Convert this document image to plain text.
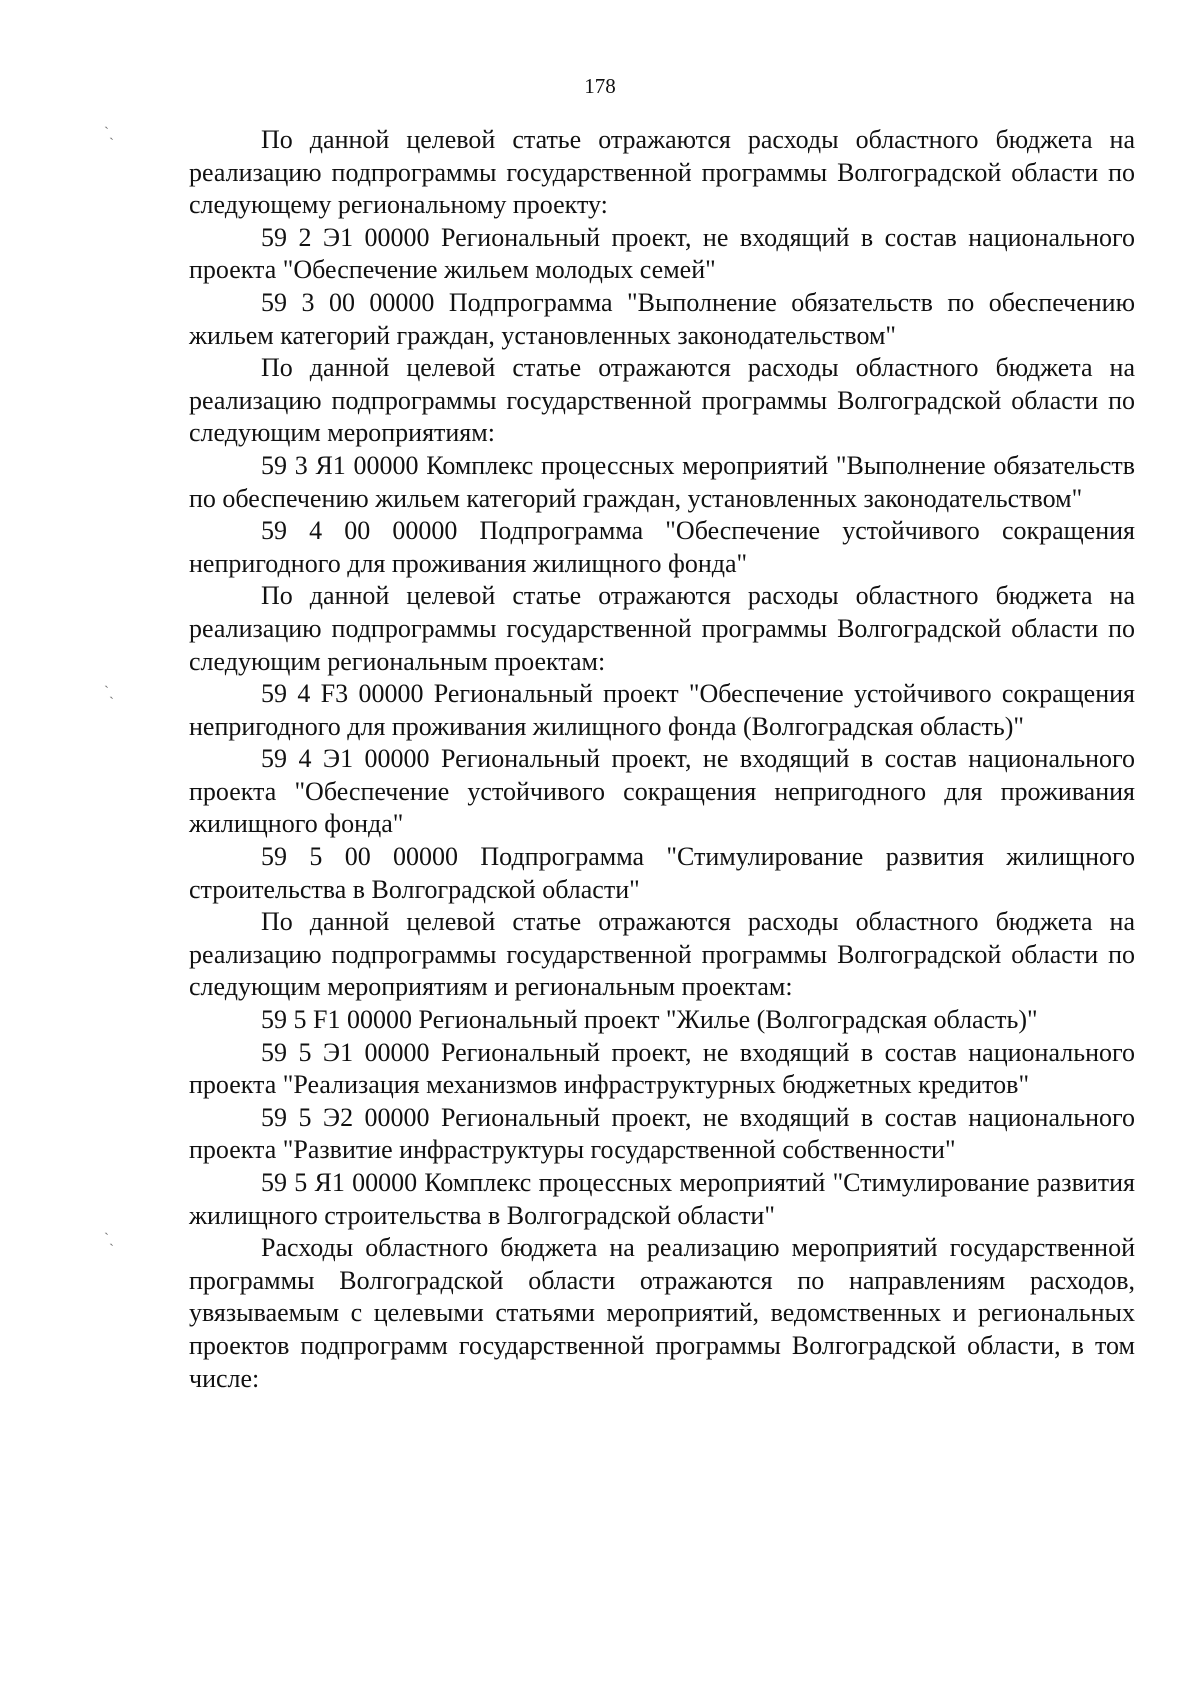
178
`ˎ
`ˎ
`ˎ

По данной целевой статье отражаются расходы областного бюджета на реализацию подпрограммы государственной программы Волгоградской области по следующему региональному проекту:

59 2 Э1 00000 Региональный проект, не входящий в состав национального проекта "Обеспечение жильем молодых семей"

59 3 00 00000 Подпрограмма "Выполнение обязательств по обеспечению жильем категорий граждан, установленных законодательством"

По данной целевой статье отражаются расходы областного бюджета на реализацию подпрограммы государственной программы Волгоградской области по следующим мероприятиям:

59 3 Я1 00000 Комплекс процессных мероприятий "Выполнение обязательств по обеспечению жильем категорий граждан, установленных законодательством"

59 4 00 00000 Подпрограмма "Обеспечение устойчивого сокращения непригодного для проживания жилищного фонда"

По данной целевой статье отражаются расходы областного бюджета на реализацию подпрограммы государственной программы Волгоградской области по следующим региональным проектам:

59 4 F3 00000 Региональный проект "Обеспечение устойчивого сокращения непригодного для проживания жилищного фонда (Волгоградская область)"

59 4 Э1 00000 Региональный проект, не входящий в состав национального проекта "Обеспечение устойчивого сокращения непригодного для проживания жилищного фонда"

59 5 00 00000 Подпрограмма "Стимулирование развития жилищного строительства в Волгоградской области"

По данной целевой статье отражаются расходы областного бюджета на реализацию подпрограммы государственной программы Волгоградской области по следующим мероприятиям и региональным проектам:

59 5 F1 00000 Региональный проект "Жилье (Волгоградская область)"

59 5 Э1 00000 Региональный проект, не входящий в состав национального проекта "Реализация механизмов инфраструктурных бюджетных кредитов"

59 5 Э2 00000 Региональный проект, не входящий в состав национального проекта "Развитие инфраструктуры государственной собственности"

59 5 Я1 00000 Комплекс процессных мероприятий "Стимулирование развития жилищного строительства в Волгоградской области"

Расходы областного бюджета на реализацию мероприятий государственной программы Волгоградской области отражаются по направлениям расходов, увязываемым с целевыми статьями мероприятий, ведомственных и региональных проектов подпрограмм государственной программы Волгоградской области, в том числе:
